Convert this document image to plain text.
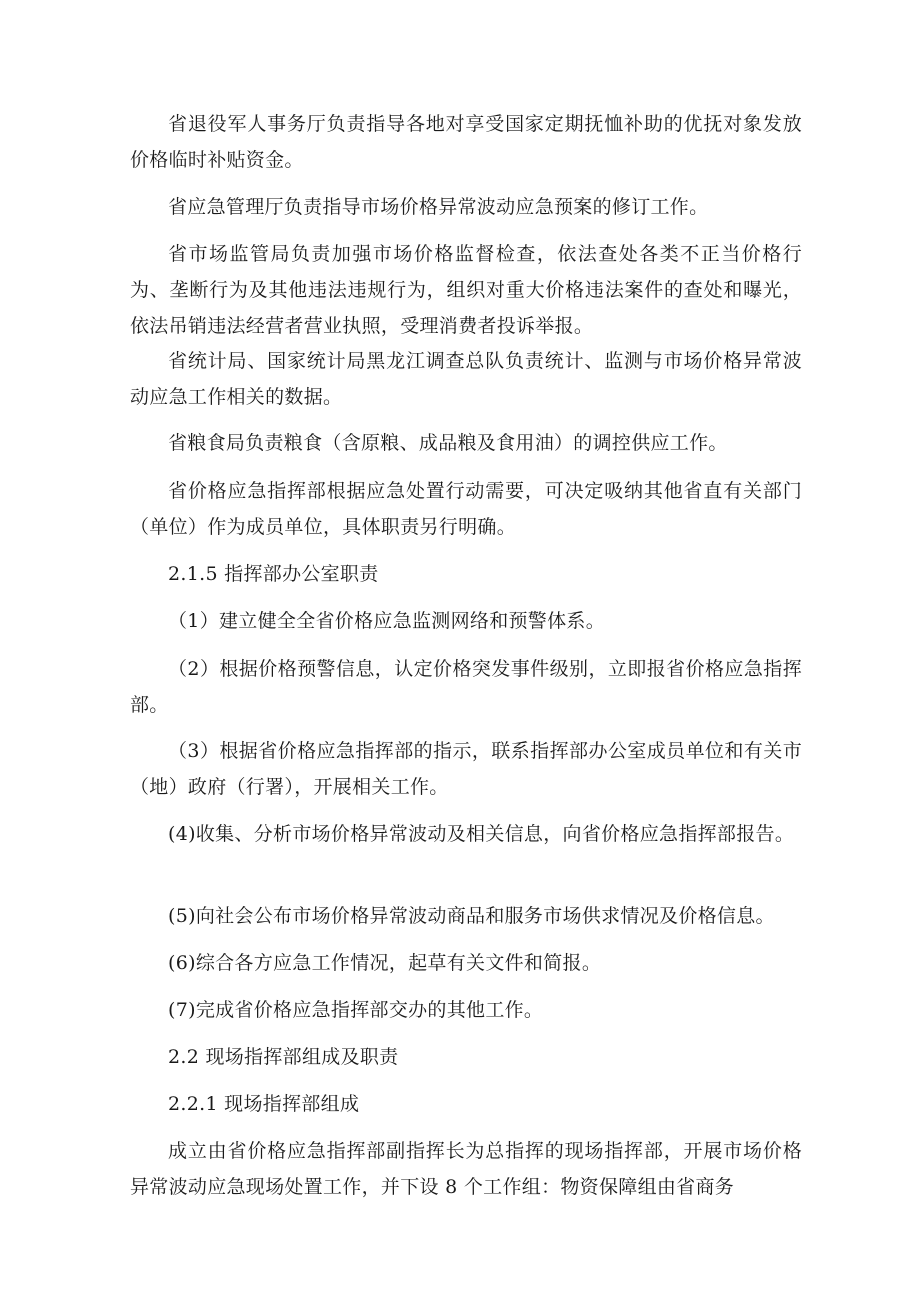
省退役军人事务厅负责指导各地对享受国家定期抚恤补助的优抚对象发放价格临时补贴资金。

省应急管理厅负责指导市场价格异常波动应急预案的修订工作。

省市场监管局负责加强市场价格监督检查，依法查处各类不正当价格行为、垄断行为及其他违法违规行为，组织对重大价格违法案件的查处和曝光，依法吊销违法经营者营业执照，受理消费者投诉举报。

省统计局、国家统计局黑龙江调查总队负责统计、监测与市场价格异常波动应急工作相关的数据。

省粮食局负责粮食（含原粮、成品粮及食用油）的调控供应工作。

省价格应急指挥部根据应急处置行动需要，可决定吸纳其他省直有关部门（单位）作为成员单位，具体职责另行明确。

2.1.5 指挥部办公室职责

（1）建立健全全省价格应急监测网络和预警体系。

（2）根据价格预警信息，认定价格突发事件级别，立即报省价格应急指挥部。

（3）根据省价格应急指挥部的指示，联系指挥部办公室成员单位和有关市（地）政府（行署），开展相关工作。

(4)收集、分析市场价格异常波动及相关信息，向省价格应急指挥部报告。

(5)向社会公布市场价格异常波动商品和服务市场供求情况及价格信息。

(6)综合各方应急工作情况，起草有关文件和简报。

(7)完成省价格应急指挥部交办的其他工作。

2.2 现场指挥部组成及职责

2.2.1 现场指挥部组成

成立由省价格应急指挥部副指挥长为总指挥的现场指挥部，开展市场价格异常波动应急现场处置工作，并下设 8 个工作组：物资保障组由省商务
